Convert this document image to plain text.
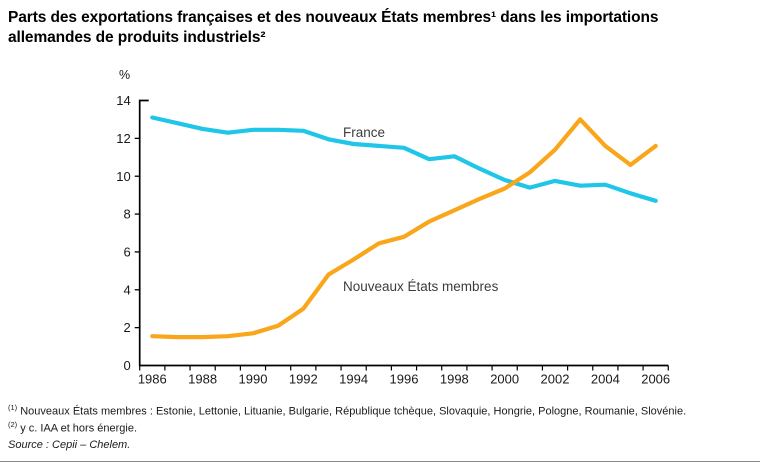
Parts des exportations françaises et des nouveaux États membres¹ dans les importations allemandes de produits industriels²
%
0
2
4
6
8
10
12
14
1986 1988 1990 1992 1994 1996 1998 2000 2002 2004 2006
France
Nouveaux États membres
$^{(1)}$ Nouveaux États membres : Estonie, Lettonie, Lituanie, Bulgarie, République tchèque, Slovaquie, Hongrie, Pologne, Roumanie, Slovénie.
$^{(2)}$ y c. IAA et hors énergie.
Source : Cepii – Chelem.
